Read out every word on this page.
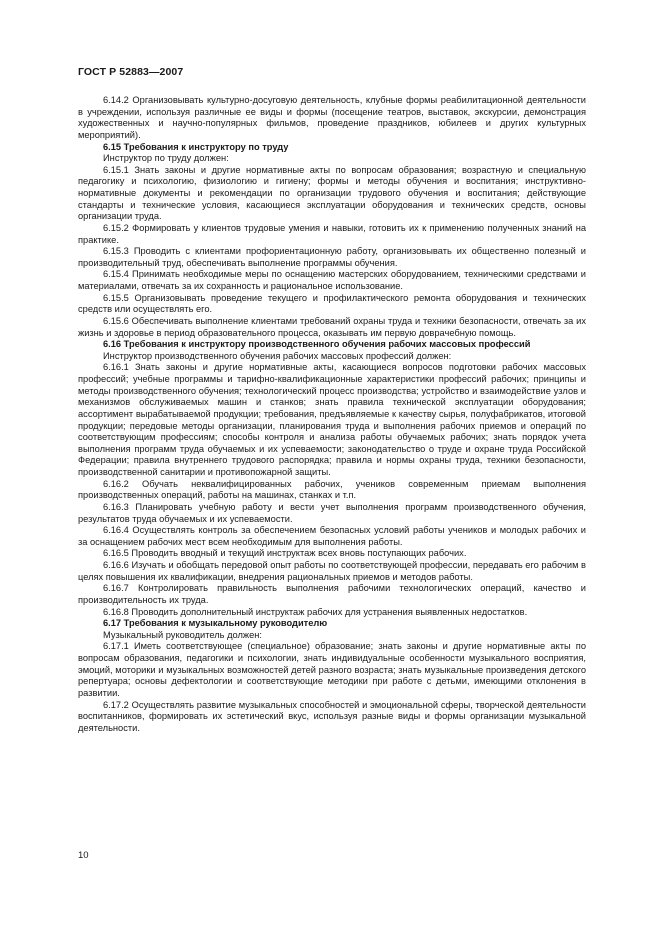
ГОСТ Р 52883—2007
6.14.2 Организовывать культурно-досуговую деятельность, клубные формы реабилитационной деятельности в учреждении, используя различные ее виды и формы (посещение театров, выставок, экскурсии, демонстрация художественных и научно-популярных фильмов, проведение праздников, юбилеев и других культурных мероприятий).
6.15 Требования к инструктору по труду
Инструктор по труду должен:
6.15.1 Знать законы и другие нормативные акты по вопросам образования; возрастную и специальную педагогику и психологию, физиологию и гигиену; формы и методы обучения и воспитания; инструктивно-нормативные документы и рекомендации по организации трудового обучения и воспитания; действующие стандарты и технические условия, касающиеся эксплуатации оборудования и технических средств, основы организации труда.
6.15.2 Формировать у клиентов трудовые умения и навыки, готовить их к применению полученных знаний на практике.
6.15.3 Проводить с клиентами профориентационную работу, организовывать их общественно полезный и производительный труд, обеспечивать выполнение программы обучения.
6.15.4 Принимать необходимые меры по оснащению мастерских оборудованием, техническими средствами и материалами, отвечать за их сохранность и рациональное использование.
6.15.5 Организовывать проведение текущего и профилактического ремонта оборудования и технических средств или осуществлять его.
6.15.6 Обеспечивать выполнение клиентами требований охраны труда и техники безопасности, отвечать за их жизнь и здоровье в период образовательного процесса, оказывать им первую доврачебную помощь.
6.16 Требования к инструктору производственного обучения рабочих массовых профессий
Инструктор производственного обучения рабочих массовых профессий должен:
6.16.1 Знать законы и другие нормативные акты, касающиеся вопросов подготовки рабочих массовых профессий; учебные программы и тарифно-квалификационные характеристики профессий рабочих; принципы и методы производственного обучения; технологический процесс производства; устройство и взаимодействие узлов и механизмов обслуживаемых машин и станков; знать правила технической эксплуатации оборудования; ассортимент вырабатываемой продукции; требования, предъявляемые к качеству сырья, полуфабрикатов, итоговой продукции; передовые методы организации, планирования труда и выполнения рабочих приемов и операций по соответствующим профессиям; способы контроля и анализа работы обучаемых рабочих; знать порядок учета выполнения программ труда обучаемых и их успеваемости; законодательство о труде и охране труда Российской Федерации; правила внутреннего трудового распорядка; правила и нормы охраны труда, техники безопасности, производственной санитарии и противопожарной защиты.
6.16.2 Обучать неквалифицированных рабочих, учеников современным приемам выполнения производственных операций, работы на машинах, станках и т.п.
6.16.3 Планировать учебную работу и вести учет выполнения программ производственного обучения, результатов труда обучаемых и их успеваемости.
6.16.4 Осуществлять контроль за обеспечением безопасных условий работы учеников и молодых рабочих и за оснащением рабочих мест всем необходимым для выполнения работы.
6.16.5 Проводить вводный и текущий инструктаж всех вновь поступающих рабочих.
6.16.6 Изучать и обобщать передовой опыт работы по соответствующей профессии, передавать его рабочим в целях повышения их квалификации, внедрения рациональных приемов и методов работы.
6.16.7 Контролировать правильность выполнения рабочими технологических операций, качество и производительность их труда.
6.16.8 Проводить дополнительный инструктаж рабочих для устранения выявленных недостатков.
6.17 Требования к музыкальному руководителю
Музыкальный руководитель должен:
6.17.1 Иметь соответствующее (специальное) образование; знать законы и другие нормативные акты по вопросам образования, педагогики и психологии, знать индивидуальные особенности музыкального восприятия, эмоций, моторики и музыкальных возможностей детей разного возраста; знать музыкальные произведения детского репертуара; основы дефектологии и соответствующие методики при работе с детьми, имеющими отклонения в развитии.
6.17.2 Осуществлять развитие музыкальных способностей и эмоциональной сферы, творческой деятельности воспитанников, формировать их эстетический вкус, используя разные виды и формы организации музыкальной деятельности.
10
